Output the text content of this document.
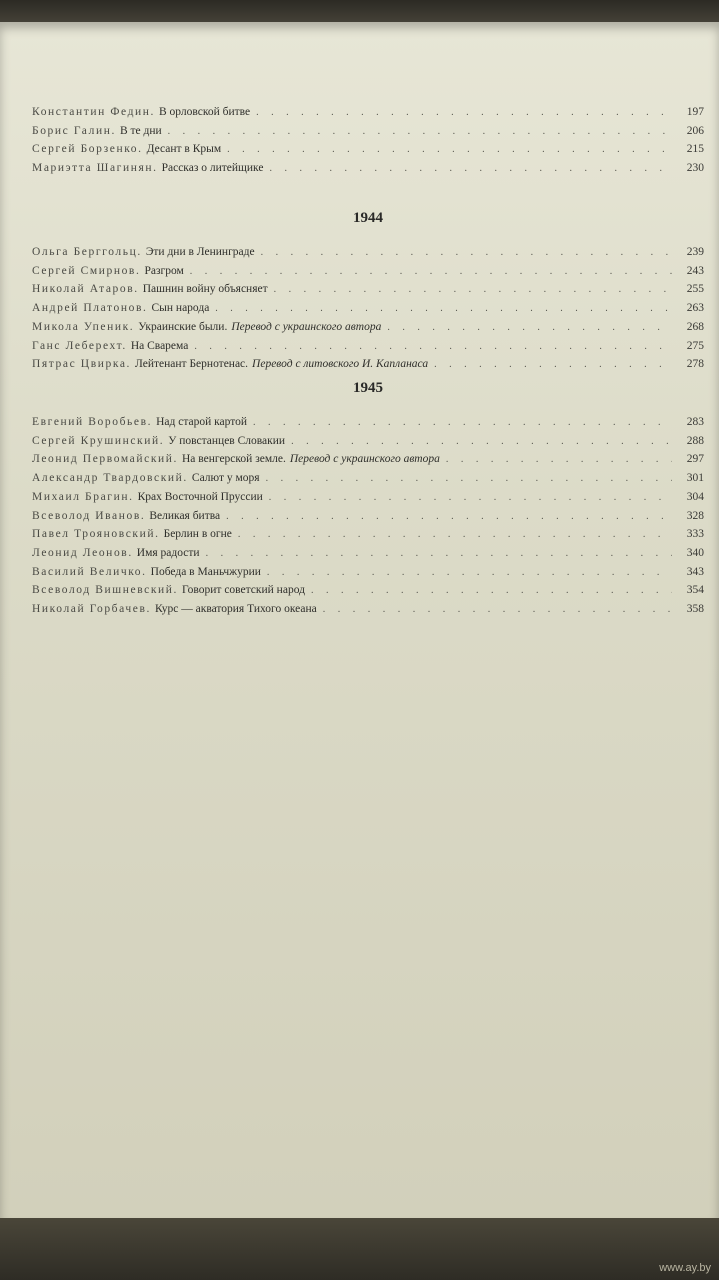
Константин Федин. В орловской битве . . .	197
Борис Галин. В те дни . . .	206
Сергей Борзенко. Десант в Крым . . .	215
Мариэтта Шагинян. Рассказ о литейщике . . .	230
1944
Ольга Берггольц. Эти дни в Ленинграде . . .	239
Сергей Смирнов. Разгром . . .	243
Николай Атаров. Пашнин войну объясняет . . .	255
Андрей Платонов. Сын народа . . .	263
Микола Упеник. Украинские были. Перевод с украинского автора . . .	268
Ганс Леберехт. На Сварема . . .	275
Пятрас Цвирка. Лейтенант Бернотенас. Перевод с литовского И. Капланаса . . .	278
1945
Евгений Воробьев. Над старой картой . . .	283
Сергей Крушинский. У повстанцев Словакии . . .	288
Леонид Первомайский. На венгерской земле. Перевод с украинского автора . . .	297
Александр Твардовский. Салют у моря . . .	301
Михаил Брагин. Крах Восточной Пруссии . . .	304
Всеволод Иванов. Великая битва . . .	328
Павел Трояновский. Берлин в огне . . .	333
Леонид Леонов. Имя радости . . .	340
Василий Величко. Победа в Маньчжурии . . .	343
Всеволод Вишневский. Говорит советский народ . . .	354
Николай Горбачев. Курс — акватория Тихого океана . . .	358
www.ay.by
